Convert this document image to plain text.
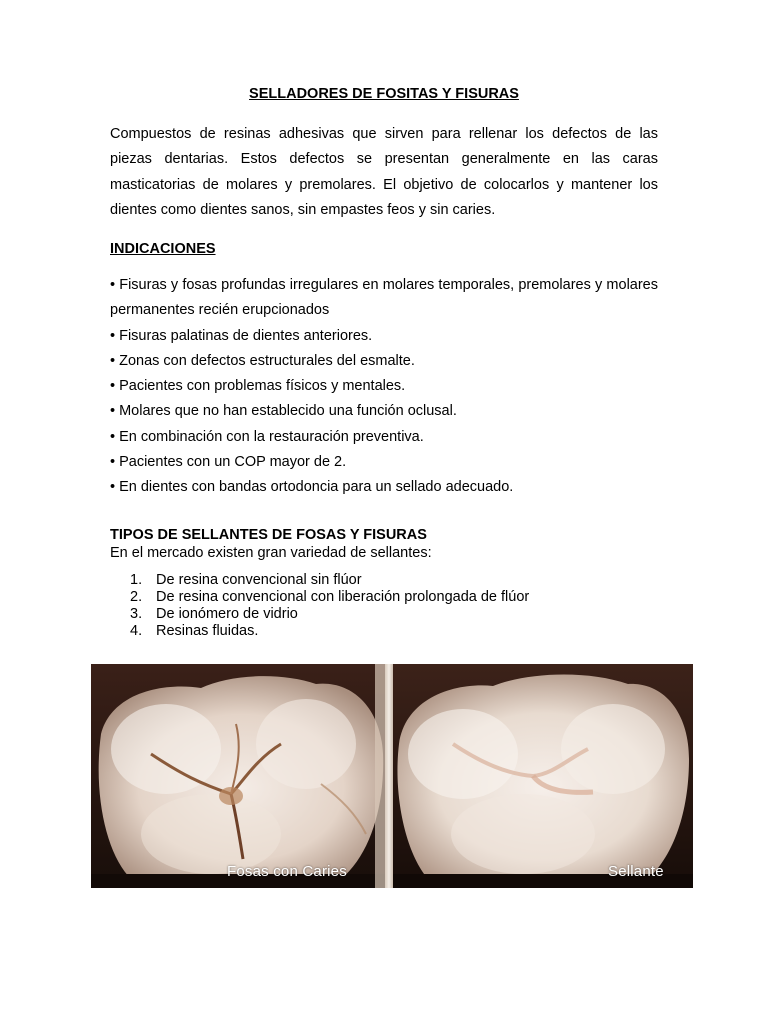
SELLADORES DE FOSITAS Y FISURAS
Compuestos de resinas adhesivas que sirven para rellenar los defectos de las piezas dentarias. Estos defectos se presentan generalmente en las caras masticatorias de molares y premolares. El objetivo de colocarlos y mantener los dientes como dientes sanos, sin empastes feos y sin caries.
INDICACIONES
• Fisuras y fosas profundas irregulares en molares temporales, premolares y molares permanentes recién erupcionados
• Fisuras palatinas de dientes anteriores.
• Zonas con defectos estructurales del esmalte.
• Pacientes con problemas físicos y mentales.
• Molares que no han establecido una función oclusal.
• En combinación con la restauración preventiva.
• Pacientes con un COP mayor de 2.
• En dientes con bandas ortodoncia para un sellado adecuado.
TIPOS DE SELLANTES DE FOSAS Y FISURAS
En el mercado existen gran variedad de sellantes:
1. De resina convencional sin flúor
2. De resina convencional con liberación prolongada de flúor
3. De ionómero de vidrio
4. Resinas fluidas.
Fosas con Caries	Sellante
